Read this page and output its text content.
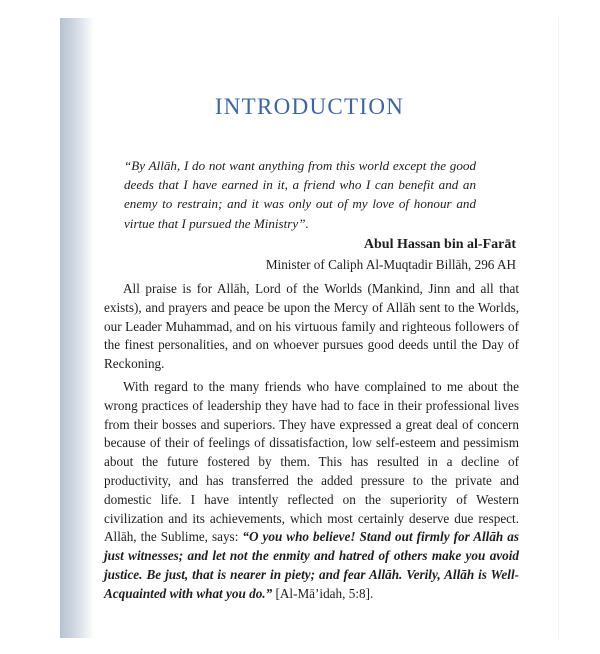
INTRODUCTION

“By Allāh, I do not want anything from this world except the good deeds that I have earned in it, a friend who I can benefit and an enemy to restrain; and it was only out of my love of honour and virtue that I pursued the Ministry”.

Abul Hassan bin al-Farāt

Minister of Caliph Al-Muqtadir Billāh, 296 AH

All praise is for Allāh, Lord of the Worlds (Mankind, Jinn and all that exists), and prayers and peace be upon the Mercy of Allāh sent to the Worlds, our Leader Muhammad, and on his virtuous family and righteous followers of the finest personalities, and on whoever pursues good deeds until the Day of Reckoning.

With regard to the many friends who have complained to me about the wrong practices of leadership they have had to face in their professional lives from their bosses and superiors. They have expressed a great deal of concern because of their of feelings of dissatisfaction, low self-esteem and pessimism about the future fostered by them. This has resulted in a decline of productivity, and has transferred the added pressure to the private and domestic life. I have intently reflected on the superiority of Western civilization and its achievements, which most certainly deserve due respect. Allāh, the Sublime, says: “O you who believe! Stand out firmly for Allāh as just witnesses; and let not the enmity and hatred of others make you avoid justice. Be just, that is nearer in piety; and fear Allāh. Verily, Allāh is Well-Acquainted with what you do.” [Al-Mā’idah, 5:8].
